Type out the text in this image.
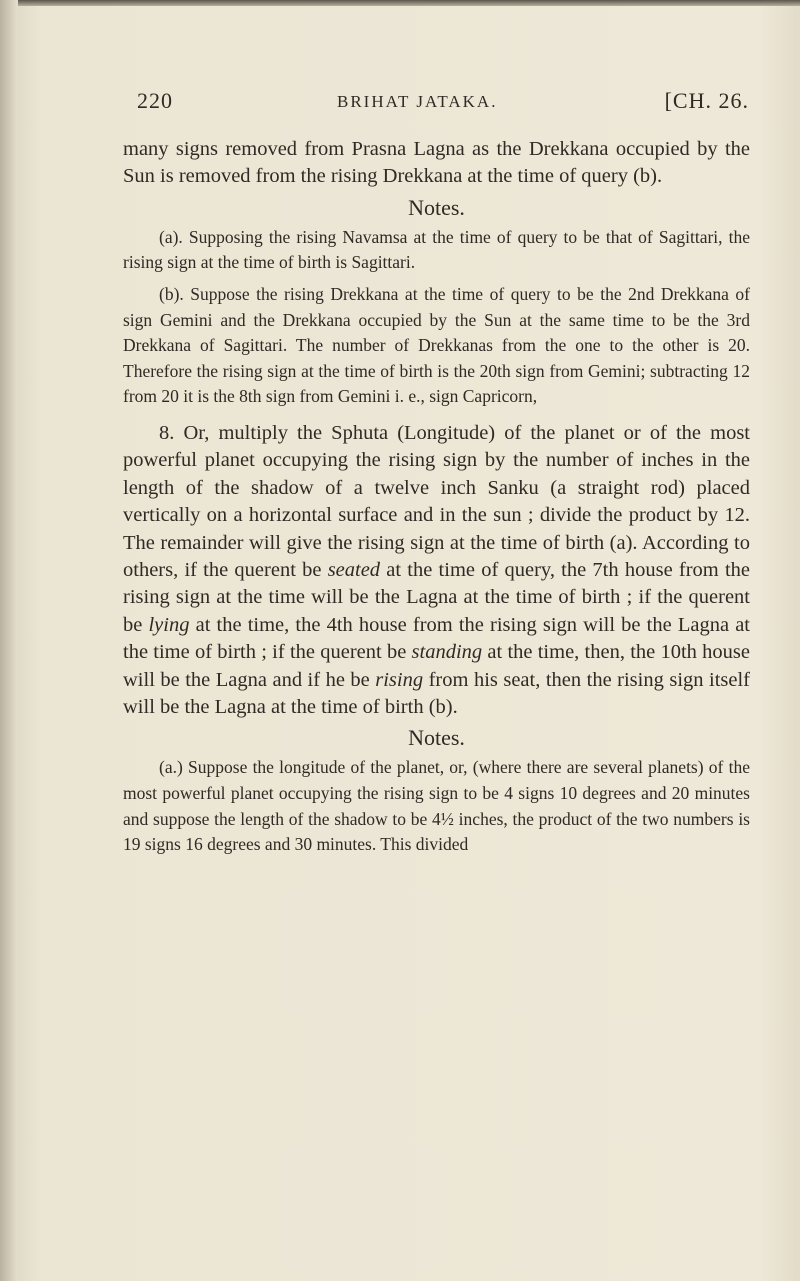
220	BRIHAT JATAKA.	[CH. 26.

many signs removed from Prasna Lagna as the Drekkana occupied by the Sun is removed from the rising Drekkana at the time of query (b).

Notes.

(a). Supposing the rising Navamsa at the time of query to be that of Sagittari, the rising sign at the time of birth is Sagittari.

(b). Suppose the rising Drekkana at the time of query to be the 2nd Drekkana of sign Gemini and the Drekkana occupied by the Sun at the same time to be the 3rd Drekkana of Sagittari. The number of Drekkanas from the one to the other is 20. Therefore the rising sign at the time of birth is the 20th sign from Gemini; subtracting 12 from 20 it is the 8th sign from Gemini i. e., sign Capricorn,

8. Or, multiply the Sphuta (Longitude) of the planet or of the most powerful planet occupying the rising sign by the number of inches in the length of the shadow of a twelve inch Sanku (a straight rod) placed vertically on a horizontal surface and in the sun ; divide the product by 12. The remainder will give the rising sign at the time of birth (a). According to others, if the querent be seated at the time of query, the 7th house from the rising sign at the time will be the Lagna at the time of birth ; if the querent be lying at the time, the 4th house from the rising sign will be the Lagna at the time of birth ; if the querent be standing at the time, then, the 10th house will be the Lagna and if he be rising from his seat, then the rising sign itself will be the Lagna at the time of birth (b).

Notes.

(a.) Suppose the longitude of the planet, or, (where there are several planets) of the most powerful planet occupying the rising sign to be 4 signs 10 degrees and 20 minutes and suppose the length of the shadow to be 4½ inches, the product of the two numbers is 19 signs 16 degrees and 30 minutes. This divided
